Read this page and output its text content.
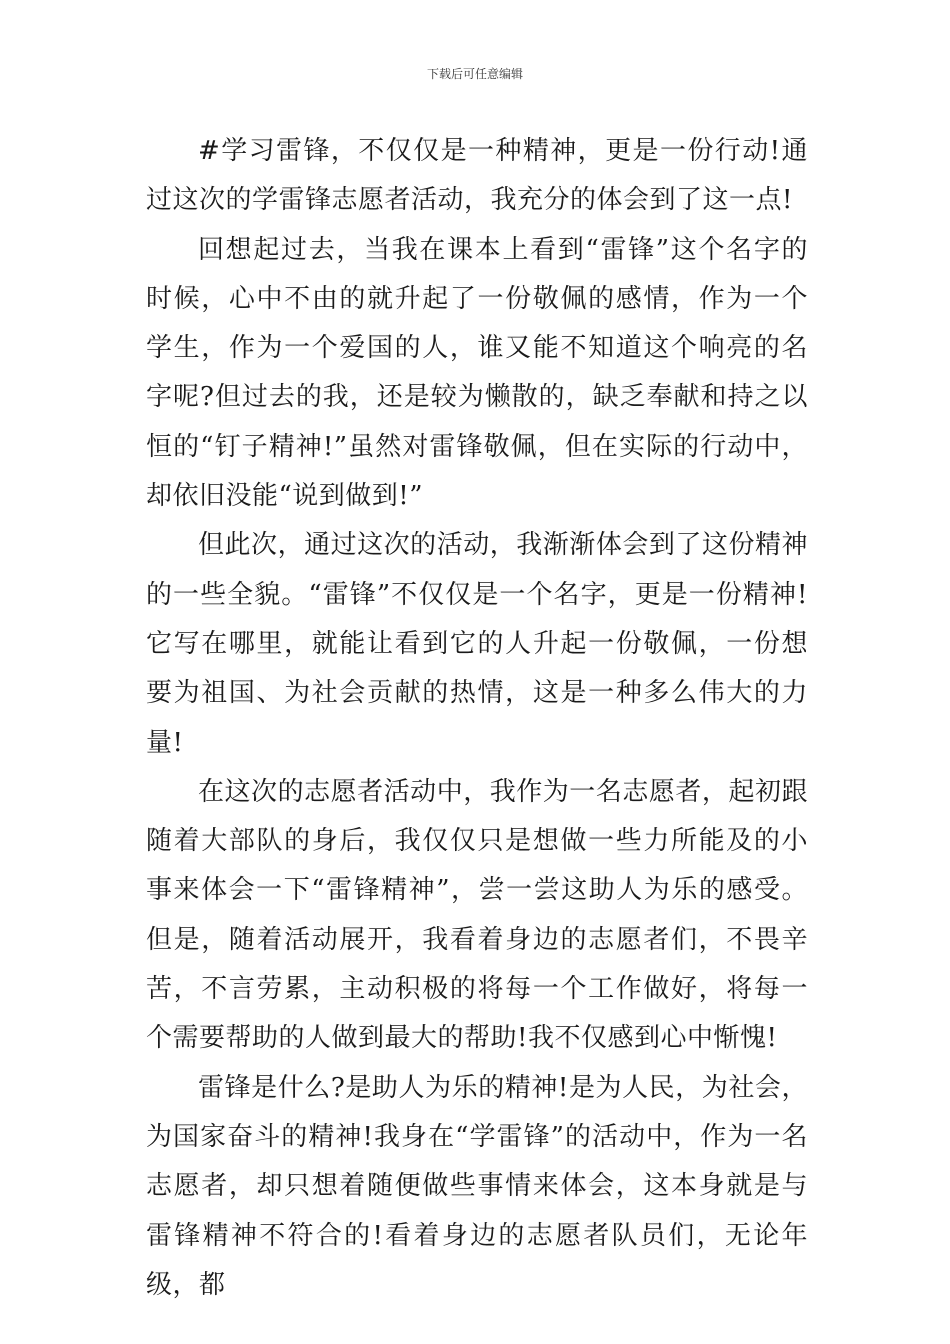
下载后可任意编辑

#学习雷锋，不仅仅是一种精神，更是一份行动!通过这次的学雷锋志愿者活动，我充分的体会到了这一点!

回想起过去，当我在课本上看到“雷锋”这个名字的时候，心中不由的就升起了一份敬佩的感情，作为一个学生，作为一个爱国的人，谁又能不知道这个响亮的名字呢?但过去的我，还是较为懒散的，缺乏奉献和持之以恒的“钉子精神!”虽然对雷锋敬佩，但在实际的行动中，却依旧没能“说到做到!”

但此次，通过这次的活动，我渐渐体会到了这份精神的一些全貌。“雷锋”不仅仅是一个名字，更是一份精神!它写在哪里，就能让看到它的人升起一份敬佩，一份想要为祖国、为社会贡献的热情，这是一种多么伟大的力量!

在这次的志愿者活动中，我作为一名志愿者，起初跟随着大部队的身后，我仅仅只是想做一些力所能及的小事来体会一下“雷锋精神”，尝一尝这助人为乐的感受。但是，随着活动展开，我看着身边的志愿者们，不畏辛苦，不言劳累，主动积极的将每一个工作做好，将每一个需要帮助的人做到最大的帮助!我不仅感到心中惭愧!

雷锋是什么?是助人为乐的精神!是为人民，为社会，为国家奋斗的精神!我身在“学雷锋”的活动中，作为一名志愿者，却只想着随便做些事情来体会，这本身就是与雷锋精神不符合的!看着身边的志愿者队员们，无论年级，都
